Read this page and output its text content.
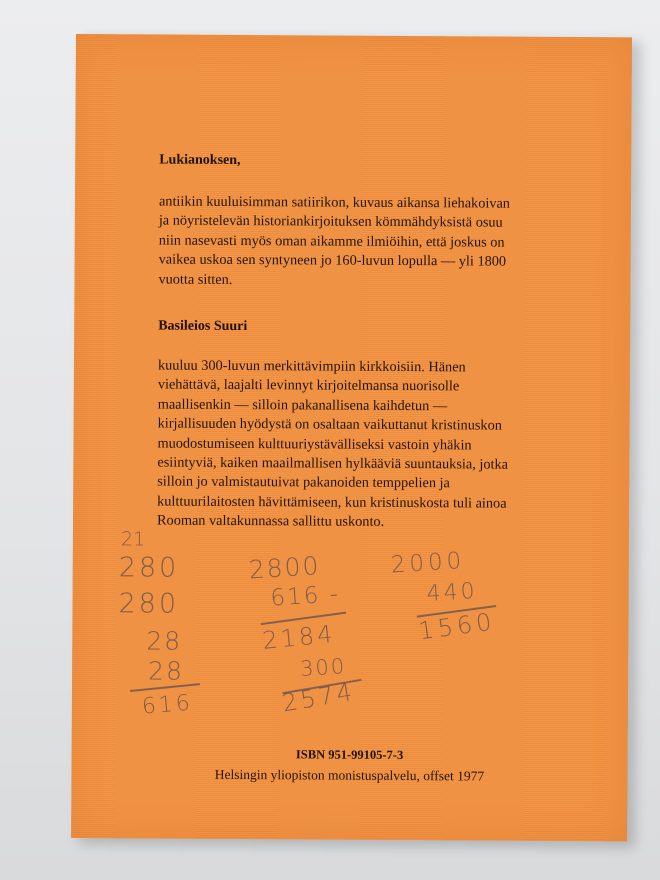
Lukianoksen,

antiikin kuuluisimman satiirikon, kuvaus aikansa liehakoivan
ja nöyristelevän historiankirjoituksen kömmähdyksistä osuu
niin nasevasti myös oman aikamme ilmiöihin, että joskus on
vaikea uskoa sen syntyneen jo 160-luvun lopulla — yli 1800
vuotta sitten.

Basileios Suuri

kuuluu 300-luvun merkittävimpiin kirkkoisiin. Hänen
viehättävä, laajalti levinnyt kirjoitelmansa nuorisolle
maallisenkin — silloin pakanallisena kaihdetun —
kirjallisuuden hyödystä on osaltaan vaikuttanut kristinuskon
muodostumiseen kulttuuriystävälliseksi vastoin yhäkin
esiintyviä, kaiken maailmallisen hylkääviä suuntauksia, jotka
silloin jo valmistautuivat pakanoiden temppelien ja
kulttuurilaitosten hävittämiseen, kun kristinuskosta tuli ainoa
Rooman valtakunnassa sallittu uskonto.

21
280
280
28
28
616
2800
616 -
2184
300
2574
2000
440
1560
ISBN 951-99105-7-3
Helsingin yliopiston monistuspalvelu, offset 1977
